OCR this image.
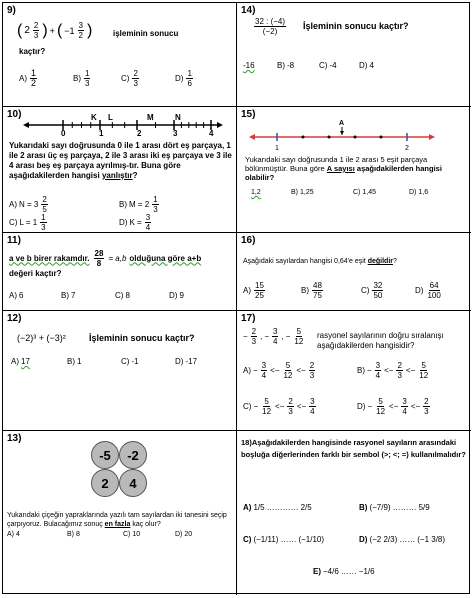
9)
( $2 \frac{2}{3}$ ) + ( $-1 \frac{3}{2}$ )	işleminin sonucu
kaçtır?
$A) \frac{1}{2}$	$B) \frac{1}{3}$	$C) \frac{2}{3}$	$D) \frac{1}{6}$
14)
$\frac{32 : (-4)}{(-2)}$ İşleminin sonucu kaçtır?
-16	B) -8	C) -4	D) 4
10)	K L	M	N
0	1	2	3	4
Yukarıdaki sayı doğrusunda 0 ile 1 arası dört eş parçaya, 1 ile 2 arası üç eş parçaya, 2 ile 3 arası iki eş parçaya ve 3 ile 4 arası beş eş parçaya ayrılmış-tır. Buna göre aşağıdakilerden hangisi yanlıştır?
A) $N = 3 \frac{2}{5}$	B) $M = 2 \frac{1}{3}$
C) $L = 1 \frac{1}{3}$	D) $K = \frac{3}{4}$
15)
A
1	2
Yukarıdaki sayı doğrusunda 1 ile 2 arası 5 eşit parçaya bölünmüştür. Buna göre A sayısı aşağıdakilerden hangisi olabilir?
1,2	B) 1,25	C) 1,45	D) 1,6
11)
a ve b birer rakamdır. $\frac{28}{8} = a,b$ olduğuna göre a+b
değeri kaçtır?
A) 6	B) 7	C) 8	D) 9
16)
Aşağıdaki sayılardan hangisi 0,64'e eşit değildir?
$A) \frac{15}{25}$	$B) \frac{48}{75}$	$C) \frac{32}{50}$	$D) \frac{64}{100}$
12)
(−2)³ + (−3)²	İşleminin sonucu kaçtır?
A) 17	B) 1	C) -1	D) -17
17)
− $\frac{2}{3}$ , − $\frac{3}{4}$ , − $\frac{5}{12}$ rasyonel sayılarının doğru sıralanışı aşağıdakilerden hangisidir?
$A) - \frac{3}{4} <- \frac{5}{12} <- \frac{2}{3}$	$B) - \frac{3}{4} <- \frac{2}{3} <- \frac{5}{12}$
$C) - \frac{5}{12} <- \frac{2}{3} <- \frac{3}{4}$	$D) - \frac{5}{12} <- \frac{3}{4} <- \frac{2}{3}$
13)
-5	-2
2	4
Yukarıdaki çiçeğin yapraklarında yazılı tam sayılardan iki tanesini seçip çarpıyoruz. Bulacağımız sonuç en fazla kaç olur?
A) 4	B) 8	C) 10	D) 20
18)Aşağıdakilerden hangisinde rasyonel sayıların arasındaki boşluğa diğerlerinden farklı bir sembol (>; <; =) kullanılmalıdır?
A) 1/5 ………… 2/5	B) (−7/9) ……… 5/9
C) (−1/11) …… (−1/10)	D) (−2 2/3) …… (−1 3/8)
E) −4/6 …… −1/6
